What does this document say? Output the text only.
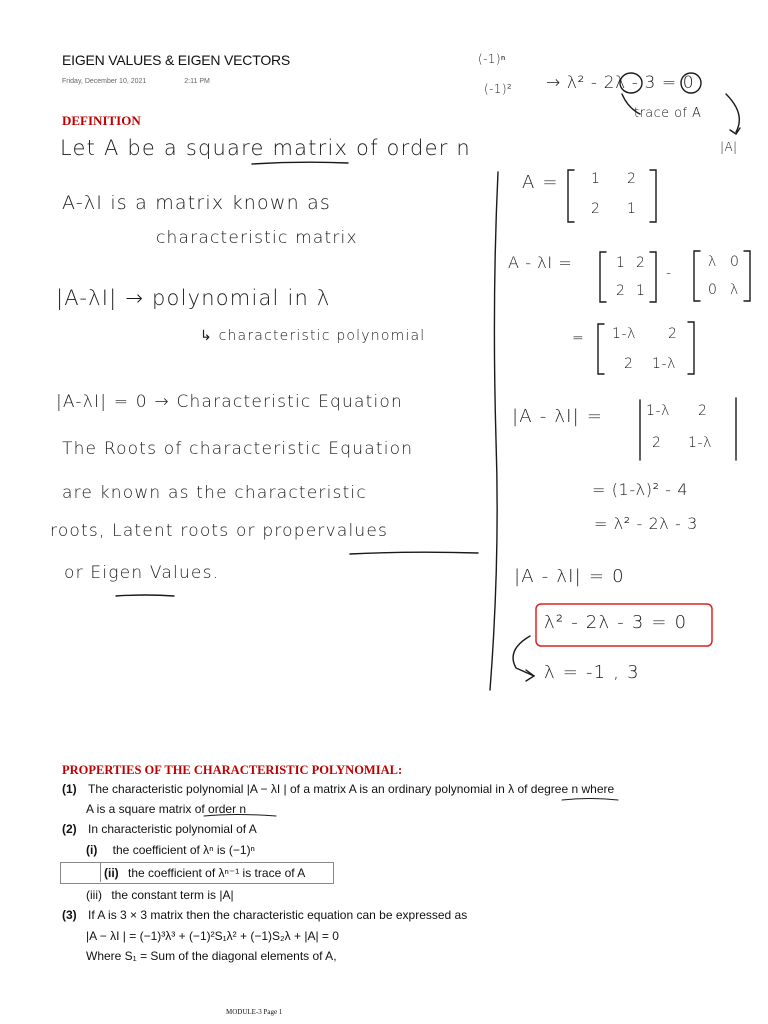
EIGEN VALUES & EIGEN VECTORS
Friday, December 10, 2021	2:11 PM
DEFINITION
Let A be a square matrix of order n
A-λI is a matrix known as
characteristic matrix
|A-λI| → polynomial in λ
↳ characteristic polynomial
|A-λI| = 0 → Characteristic Equation
The Roots of characteristic Equation
are known as the characteristic
roots, Latent roots or propervalues
or Eigen Values.
(-1)ⁿ
(-1)² → λ² - 2λ - 3 = 0
trace of A
|A|
A = 1 2
2 1
A - λI =	1 2
2 1
-
λ 0
0 λ
= 1-λ 2
2 1-λ
|A - λI| =	1-λ 2
2 1-λ
= (1-λ)² - 4
= λ² - 2λ - 3
|A - λI| = 0
λ² - 2λ - 3 = 0
λ = -1 , 3
PROPERTIES OF THE CHARACTERISTIC POLYNOMIAL:
(1) The characteristic polynomial |A − λI | of a matrix A is an ordinary polynomial in λ of degree n where
A is a square matrix of order n
(2) In characteristic polynomial of A
(i) the coefficient of λⁿ is (−1)ⁿ
(ii) the coefficient of λⁿ⁻¹ is trace of A
(iii) the constant term is |A|
(3) If A is 3 × 3 matrix then the characteristic equation can be expressed as
|A − λI | = (−1)³λ³ + (−1)²S₁λ² + (−1)S₂λ + |A| = 0
Where S₁ = Sum of the diagonal elements of A,
MODULE-3 Page 1
